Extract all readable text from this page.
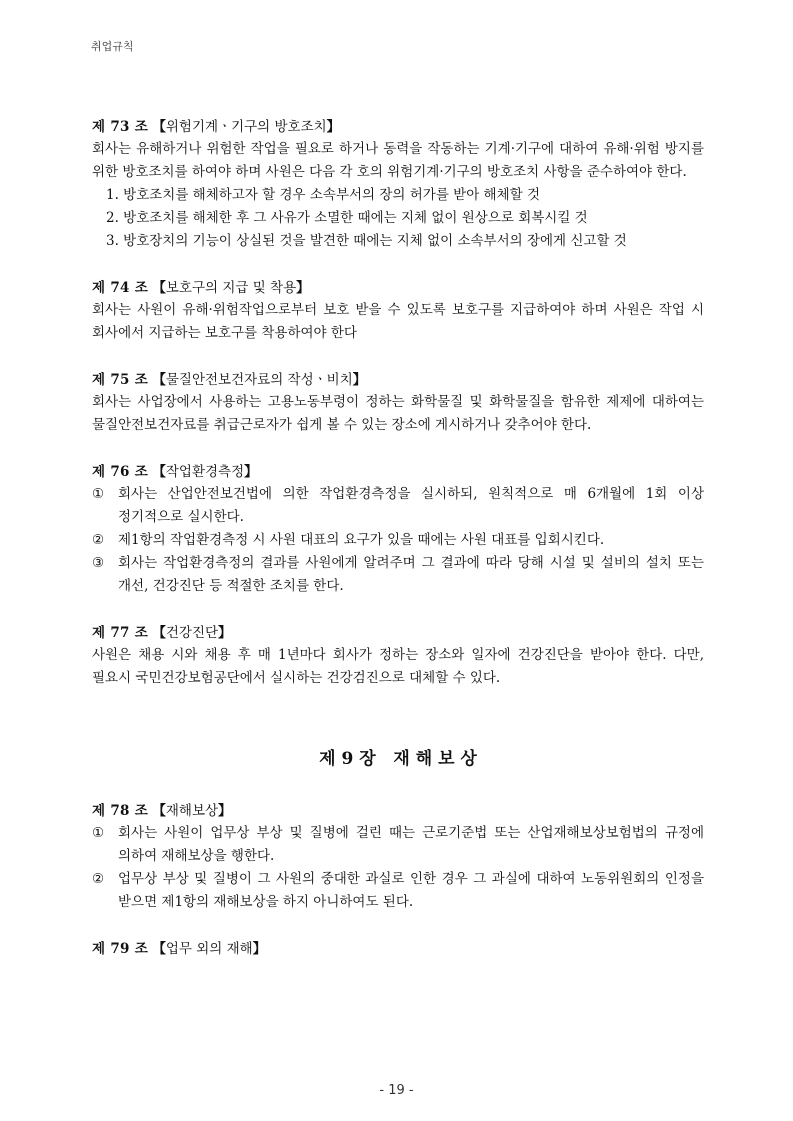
취업규칙
제 73 조 【위험기계ㆍ기구의 방호조치】
회사는 유해하거나 위험한 작업을 필요로 하거나 동력을 작동하는 기계·기구에 대하여 유해·위험 방지를 위한 방호조치를 하여야 하며 사원은 다음 각 호의 위험기계·기구의 방호조치 사항을 준수하여야 한다.
1. 방호조치를 해체하고자 할 경우 소속부서의 장의 허가를 받아 해체할 것
2. 방호조치를 해체한 후 그 사유가 소멸한 때에는 지체 없이 원상으로 회복시킬 것
3. 방호장치의 기능이 상실된 것을 발견한 때에는 지체 없이 소속부서의 장에게 신고할 것
제 74 조 【보호구의 지급 및 착용】
회사는 사원이 유해·위험작업으로부터 보호 받을 수 있도록 보호구를 지급하여야 하며 사원은 작업 시 회사에서 지급하는 보호구를 착용하여야 한다
제 75 조 【물질안전보건자료의 작성ㆍ비치】
회사는 사업장에서 사용하는 고용노동부령이 정하는 화학물질 및 화학물질을 함유한 제제에 대하여는 물질안전보건자료를 취급근로자가 쉽게 볼 수 있는 장소에 게시하거나 갖추어야 한다.
제 76 조 【작업환경측정】
① 회사는 산업안전보건법에 의한 작업환경측정을 실시하되, 원칙적으로 매 6개월에 1회 이상 정기적으로 실시한다.
② 제1항의 작업환경측정 시 사원 대표의 요구가 있을 때에는 사원 대표를 입회시킨다.
③ 회사는 작업환경측정의 결과를 사원에게 알려주며 그 결과에 따라 당해 시설 및 설비의 설치 또는 개선, 건강진단 등 적절한 조치를 한다.
제 77 조 【건강진단】
사원은 채용 시와 채용 후 매 1년마다 회사가 정하는 장소와 일자에 건강진단을 받아야 한다. 다만, 필요시 국민건강보험공단에서 실시하는 건강검진으로 대체할 수 있다.
제 9 장   재 해 보 상
제 78 조 【재해보상】
① 회사는 사원이 업무상 부상 및 질병에 걸린 때는 근로기준법 또는 산업재해보상보험법의 규정에 의하여 재해보상을 행한다.
② 업무상 부상 및 질병이 그 사원의 중대한 과실로 인한 경우 그 과실에 대하여 노동위원회의 인정을 받으면 제1항의 재해보상을 하지 아니하여도 된다.
제 79 조 【업무 외의 재해】
- 19 -
